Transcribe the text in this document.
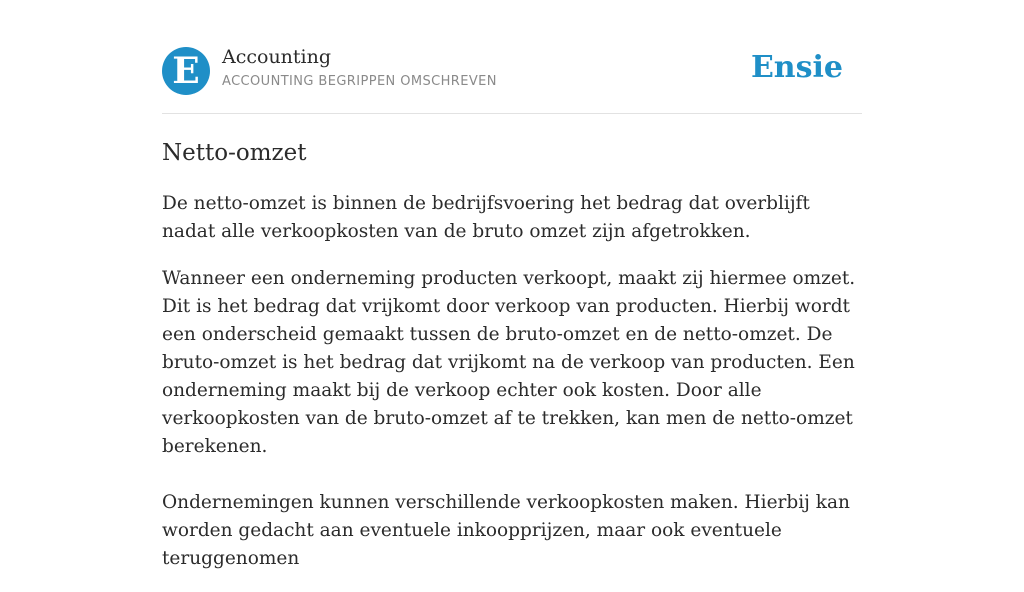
E	Accounting
ACCOUNTING BEGRIPPEN OMSCHREVEN	Ensie
Netto-omzet

De netto-omzet is binnen de bedrijfsvoering het bedrag dat overblijft nadat alle verkoopkosten van de bruto omzet zijn afgetrokken.

Wanneer een onderneming producten verkoopt, maakt zij hiermee omzet. Dit is het bedrag dat vrijkomt door verkoop van producten. Hierbij wordt een onderscheid gemaakt tussen de bruto-omzet en de netto-omzet. De bruto-omzet is het bedrag dat vrijkomt na de verkoop van producten. Een onderneming maakt bij de verkoop echter ook kosten. Door alle verkoopkosten van de bruto-omzet af te trekken, kan men de netto-omzet berekenen.

Ondernemingen kunnen verschillende verkoopkosten maken. Hierbij kan worden gedacht aan eventuele inkoopprijzen, maar ook eventuele teruggenomen
